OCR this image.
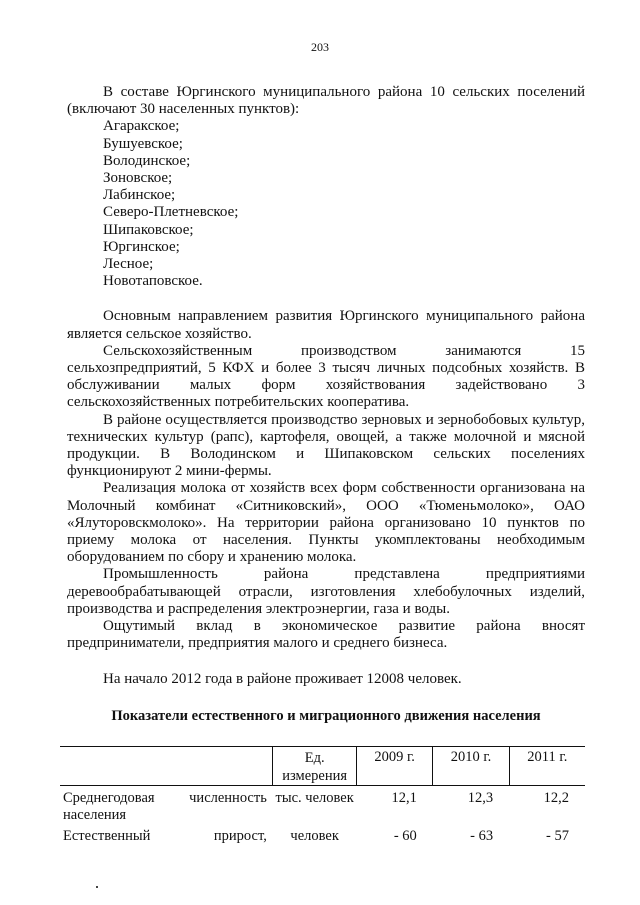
203

В составе Юргинского муниципального района 10 сельских поселений (включают 30 населенных пунктов):

Агаракское;
Бушуевское;
Володинское;
Зоновское;
Лабинское;
Северо-Плетневское;
Шипаковское;
Юргинское;
Лесное;
Новотаповское.

Основным направлением развития Юргинского муниципального района является сельское хозяйство.

Сельскохозяйственным производством занимаются 15 сельхозпредприятий, 5 КФХ и более 3 тысяч личных подсобных хозяйств. В обслуживании малых форм хозяйствования задействовано 3 сельскохозяйственных потребительских кооператива.

В районе осуществляется производство зерновых и зернобобовых культур, технических культур (рапс), картофеля, овощей, а также молочной и мясной продукции. В Володинском и Шипаковском сельских поселениях функционируют 2 мини-фермы.

Реализация молока от хозяйств всех форм собственности организована на Молочный комбинат «Ситниковский», ООО «Тюменьмолоко», ОАО «Ялуторовскмолоко». На территории района организовано 10 пунктов по приему молока от населения. Пункты укомплектованы необходимым оборудованием по сбору и хранению молока.

Промышленность района представлена предприятиями деревообрабатывающей отрасли, изготовления хлебобулочных изделий, производства и распределения электроэнергии, газа и воды.

Ощутимый вклад в экономическое развитие района вносят предприниматели, предприятия малого и среднего бизнеса.

На начало 2012 года в районе проживает 12008 человек.

Показатели естественного и миграционного движения населения

	Ед. измерения	2009 г.	2010 г.	2011 г.

Среднегодовая численность
населения	тыс. человек	12,1	12,3	12,2

Естественный прирост,	человек	- 60	- 63	- 57
